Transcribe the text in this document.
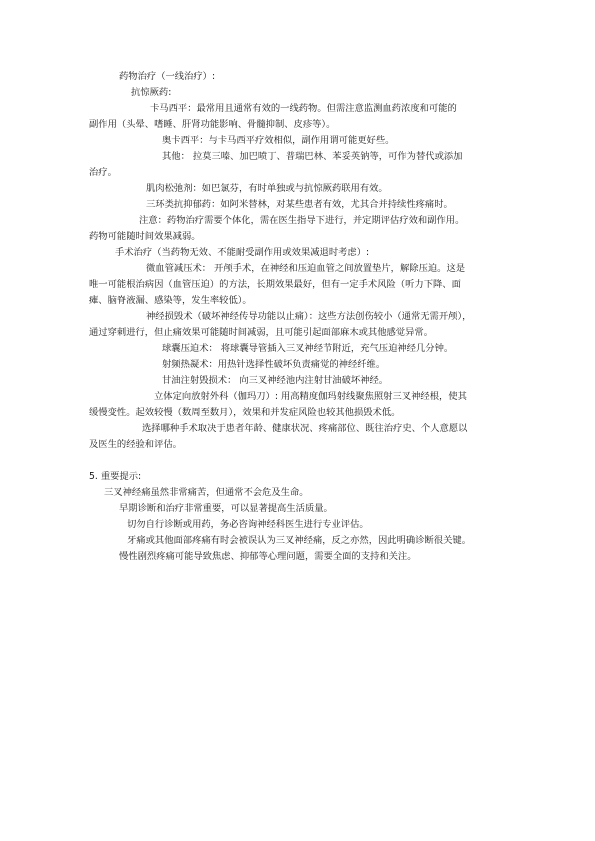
药物治疗（一线治疗）:
抗惊厥药:
卡马西平：最常用且通常有效的一线药物。但需注意监测血药浓度和可能的
副作用（头晕、嗜睡、肝肾功能影响、骨髓抑制、皮疹等）。
奥卡西平：与卡马西平疗效相似，副作用谓可能更好些。
其他： 拉莫三嗪、加巴喷丁、普瑞巴林、苯妥英钠等，可作为替代或添加
治疗。
肌肉松弛剂：如巴氯芬，有时单独或与抗惊厥药联用有效。
三环类抗抑郁药：如阿米替林，对某些患者有效，尤其合并持续性疼痛时。
注意：药物治疗需要个体化，需在医生指导下进行，并定期评估疗效和副作用。
药物可能随时间效果减弱。
手术治疗（当药物无效、不能耐受副作用或效果减退时考虑）:
微血管减压术： 开颅手术，在神经和压迫血管之间放置垫片，解除压迫。这是
唯一可能根治病因（血管压迫）的方法，长期效果最好，但有一定手术风险（听力下降、面
瘫、脑脊液漏、感染等，发生率较低）。
神经损毁术（破坏神经传导功能以止痛）：这些方法创伤较小（通常无需开颅），
通过穿刺进行，但止痛效果可能随时间减弱，且可能引起面部麻木或其他感觉异常。
球囊压迫术： 将球囊导管插入三叉神经节附近，充气压迫神经几分钟。
射频热凝术：用热针选择性破坏负责痛觉的神经纤维。
甘油注射毁损术： 向三叉神经池内注射甘油破坏神经。
立体定向放射外科（伽玛刀）: 用高精度伽玛射线聚焦照射三叉神经根，使其
缓慢变性。起效较慢（数周至数月），效果和并发症风险也较其他损毁术低。
选择哪种手术取决于患者年龄、健康状况、疼痛部位、既往治疗史、个人意愿以
及医生的经验和评估。
5. 重要提示:
三叉神经痛虽然非常痛苦，但通常不会危及生命。
早期诊断和治疗非常重要，可以显著提高生活质量。
切勿自行诊断或用药，务必咨询神经科医生进行专业评估。
牙痛或其他面部疼痛有时会被误认为三叉神经痛，反之亦然，因此明确诊断很关键。
慢性剧烈疼痛可能导致焦虑、抑郁等心理问题，需要全面的支持和关注。
